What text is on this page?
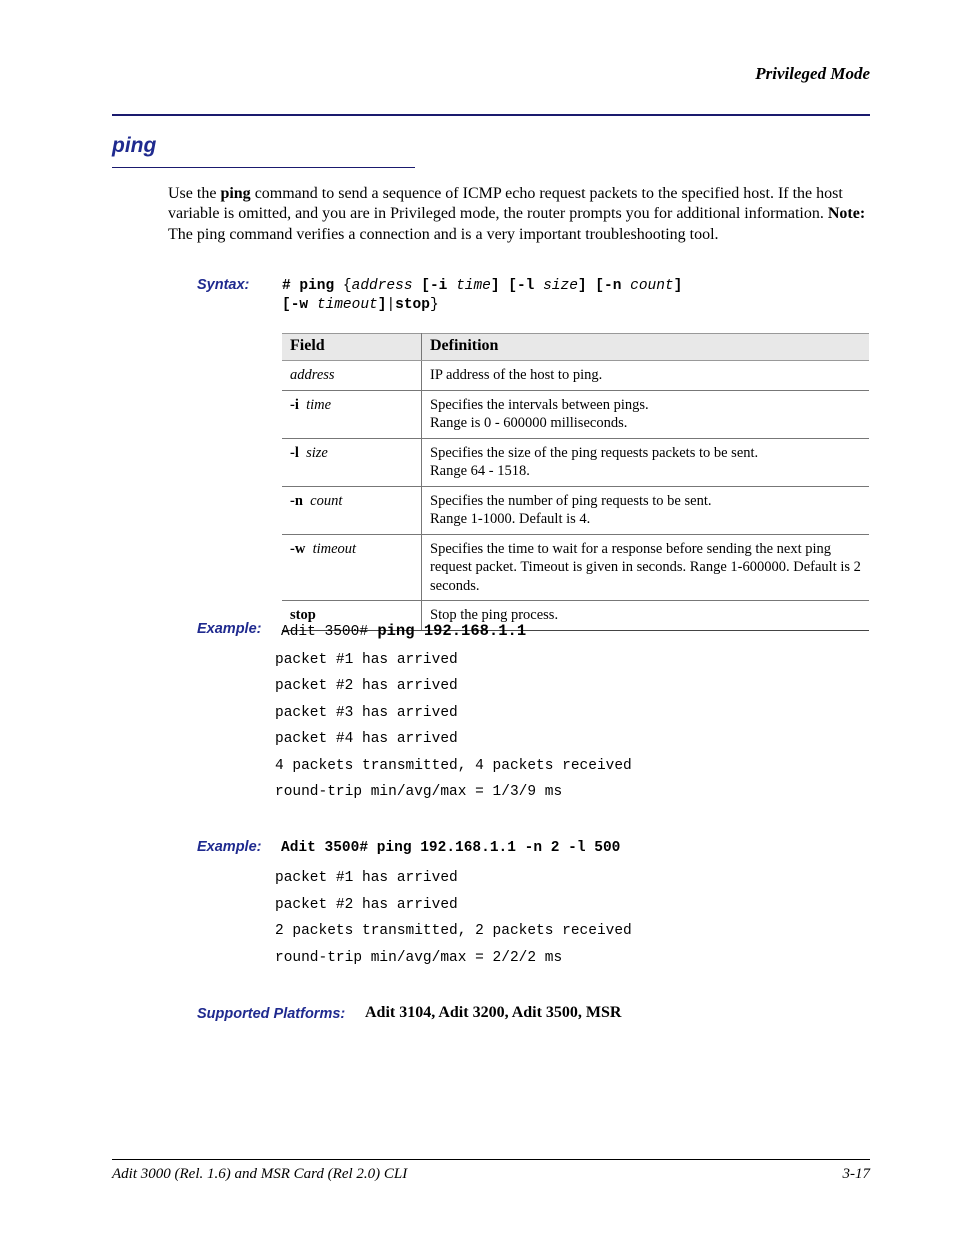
Privileged Mode
ping
Use the ping command to send a sequence of ICMP echo request packets to the specified host. If the host variable is omitted, and you are in Privileged mode, the router prompts you for additional information. Note: The ping command verifies a connection and is a very important troubleshooting tool.
Syntax: # ping {address [-i time] [-l size] [-n count]
[-w timeout]|stop}
Field	Definition
address	IP address of the host to ping.

-i time	Specifies the intervals between pings.
Range is 0 - 600000 milliseconds.

-l size	Specifies the size of the ping requests packets to be sent.
Range 64 - 1518.

-n count	Specifies the number of ping requests to be sent.
Range 1-1000. Default is 4.

-w timeout	Specifies the time to wait for a response before sending the next ping request packet. Timeout is given in seconds. Range 1-600000. Default is 2 seconds.

stop	Stop the ping process.
Example: Adit 3500# ping 192.168.1.1
packet #1 has arrived
packet #2 has arrived
packet #3 has arrived
packet #4 has arrived
4 packets transmitted, 4 packets received
round-trip min/avg/max = 1/3/9 ms
Example: Adit 3500# ping 192.168.1.1 -n 2 -l 500
packet #1 has arrived
packet #2 has arrived
2 packets transmitted, 2 packets received
round-trip min/avg/max = 2/2/2 ms
Supported Platforms: Adit 3104, Adit 3200, Adit 3500, MSR
Adit 3000 (Rel. 1.6) and MSR Card (Rel 2.0) CLI	3-17
